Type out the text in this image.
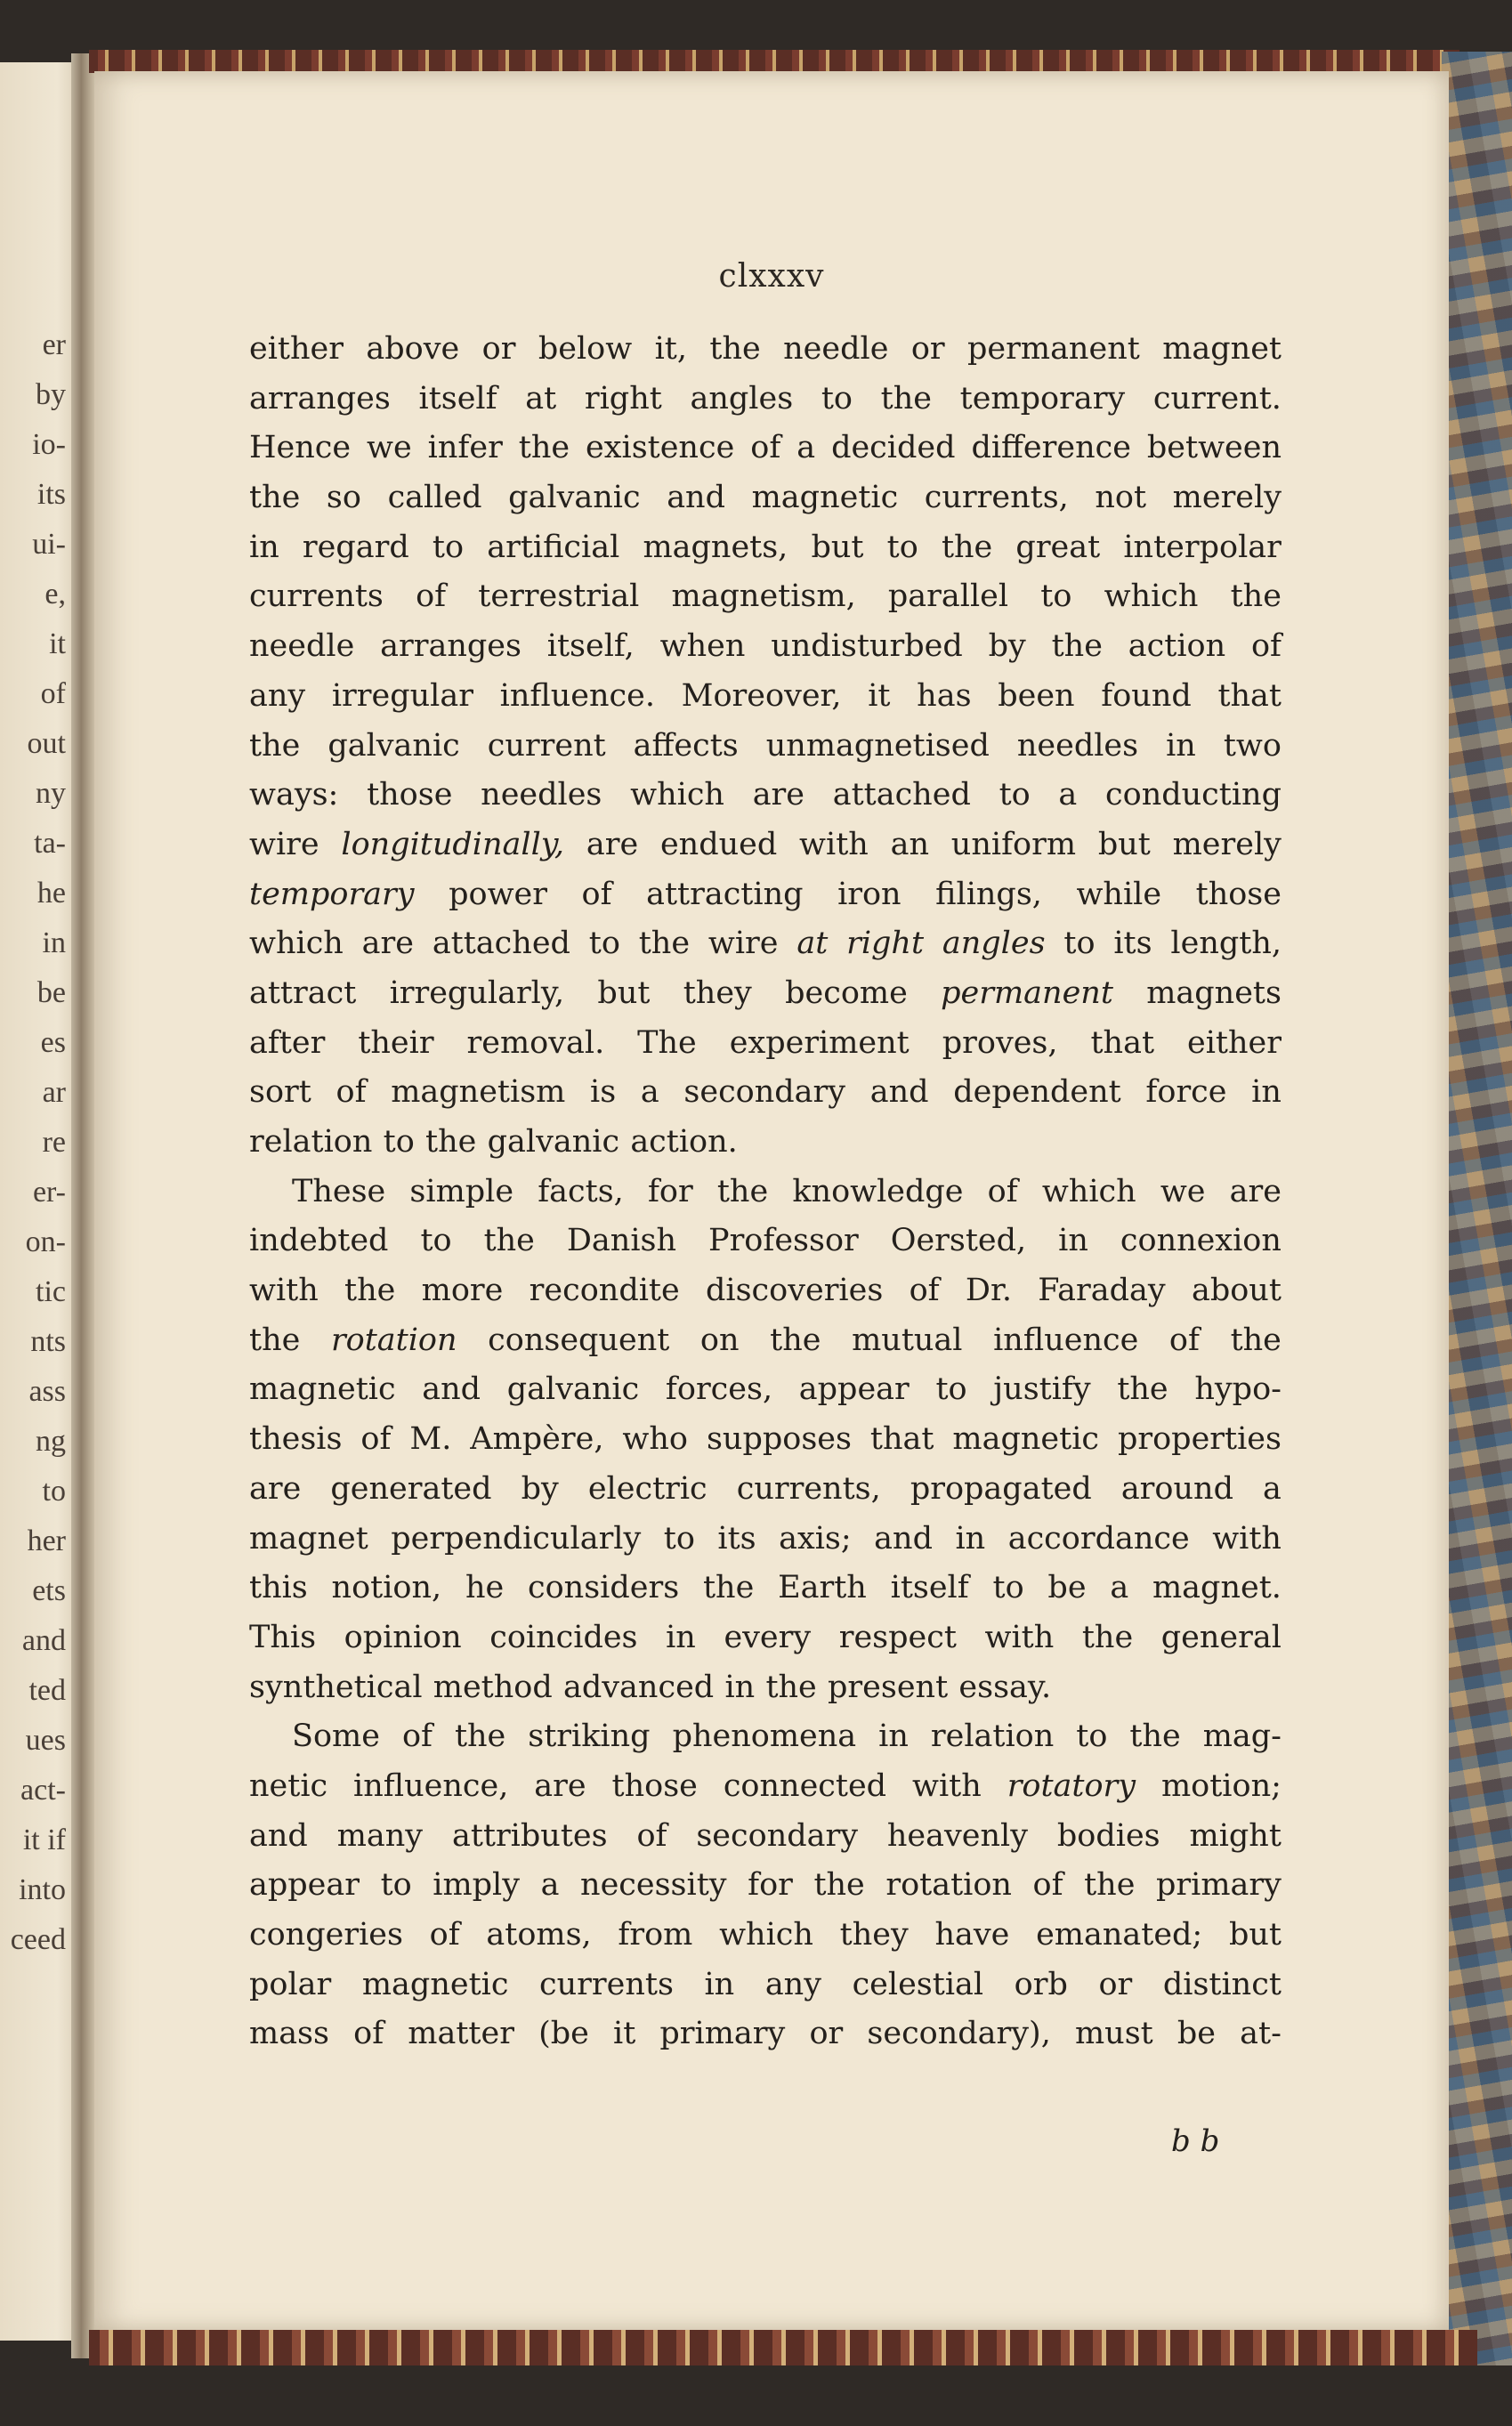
er
by
io-
its
ui-
e,
it
of
out
ny
ta-
he
in
be
es
ar
re
er-
on-
tic
nts
ass
ng
to
her
ets
and
ted
ues
act-
it if
into
ceed
clxxxv
either above or below it, the needle or permanent magnet
arranges itself at right angles to the temporary current.
Hence we infer the existence of a decided difference between
the so called galvanic and magnetic currents, not merely
in regard to artificial magnets, but to the great interpolar
currents of terrestrial magnetism, parallel to which the
needle arranges itself, when undisturbed by the action of
any irregular influence. Moreover, it has been found that
the galvanic current affects unmagnetised needles in two
ways: those needles which are attached to a conducting
wire longitudinally, are endued with an uniform but merely
temporary power of attracting iron filings, while those
which are attached to the wire at right angles to its length,
attract irregularly, but they become permanent magnets
after their removal. The experiment proves, that either
sort of magnetism is a secondary and dependent force in
relation to the galvanic action.
These simple facts, for the knowledge of which we are
indebted to the Danish Professor Oersted, in connexion
with the more recondite discoveries of Dr. Faraday about
the rotation consequent on the mutual influence of the
magnetic and galvanic forces, appear to justify the hypo-
thesis of M. Ampère, who supposes that magnetic properties
are generated by electric currents, propagated around a
magnet perpendicularly to its axis; and in accordance with
this notion, he considers the Earth itself to be a magnet.
This opinion coincides in every respect with the general
synthetical method advanced in the present essay.
Some of the striking phenomena in relation to the mag-
netic influence, are those connected with rotatory motion;
and many attributes of secondary heavenly bodies might
appear to imply a necessity for the rotation of the primary
congeries of atoms, from which they have emanated; but
polar magnetic currents in any celestial orb or distinct
mass of matter (be it primary or secondary), must be at-
b b
